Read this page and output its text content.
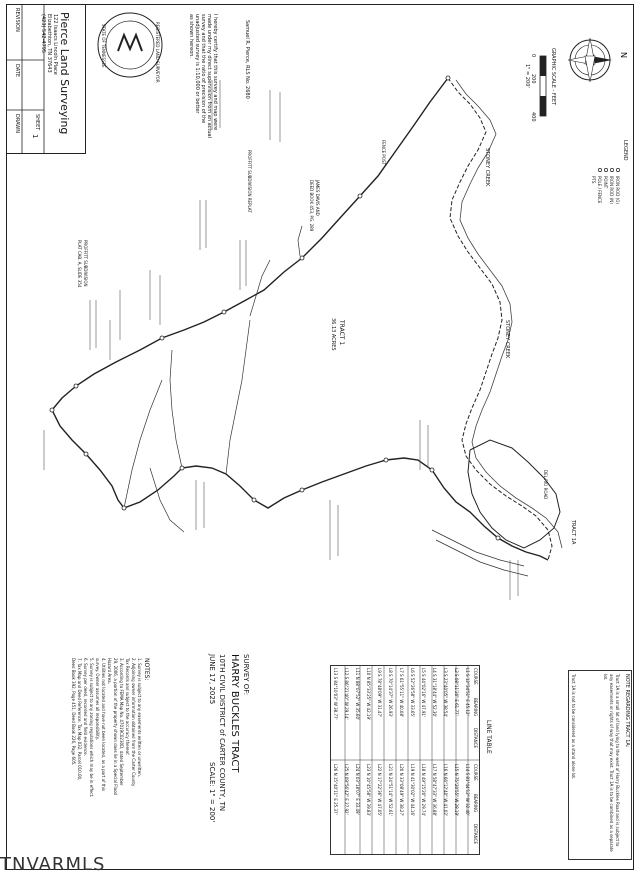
Pierce Land Surveying
122 Isaacs Lincoln Place
Elizabethton, TN 37643
(423) 542-4795
REVISION
DATE
DRAWN	SHEET
1
REGISTERED LAND SURVEYOR
STATE OF TENNESSEE	I hereby certify that this survey and map were
made under my direct supervision from an actual
survey and that the ratio of precision of the
unadjusted survey is 1:10,000 or better
as shown hereon.	Samuel R. Pierce, RLS No. 2680	N
GRAPHIC SCALE - FEET
0
200
400
1" = 200'
LEGEND
IRON ROD (O)
IRON ROD (N)
POINT
POLE / FENCE
PTS
TRACT 1
36.13 ACRES
STONEY CREEK
STONEY CREEK
PROFFITT SUBDIVISION REPLAT
PROFFITT SUBDIVISION
PLAT CAB. A, SLIDE 354
JAMES DAVIS AND
DEED BOOK 453, PG. 289
TRACT 1A
FENCE POST
DEL-RIO ROAD
SURVEY OF:
HARRY BUCKLES TRACT
10TH CIVIL DISTRICT of CARTER COUNTY, TN
JUNE 17, 2025
SCALE: 1" = 200'
NOTES:
1. Survey is subject to any easements written or unwritten.
2. Adjoining owner information obtained from the Carter County
Tax Records and subject to the accuracy thereof.
3. According to FEMA Map No. 47019C0230D, dated September
29, 2006, a portion of the property shown does lie in a Special Flood
Hazard Area.
4. Utilities not located and have not been located, as a part of this
survey. Owner assumes all responsibility.
5. Survey is subject to any zoning regulations which may be in effect.
6. Survey per deed, recorded and field evidence.
7. Tax Map and Deed Reference: Tax Map 032, Parcel 010.00,
Deed Book 392, Page 451, Deed Book 226, Page 605.	LINE TABLE	NOTE REGARDING TRACT 1A:
Tract 1A is a small lot of land lying to the west of Harry Buckles Road and is subject to any easements or rights of way that may exist. Tract 1A is to be combined as a separate lot.
Tract 1A is not to be considered as a stand alone lot.
TNVARMLS
COURSE
BEARING
DISTANCE
COURSE
BEARING
DISTANCE
L1 S 12°34'51" E 45.12'
L14 S 81°44'12" W 32.40'
L2 S 08°11'20" E 61.77'
L15 N 75°20'55" W 28.19'
L3 S 23°40'05" W 38.54'
L16 N 66°12'40" W 41.02'
L4 S 31°18'44" W 52.30'
L17 N 58°47'33" W 36.88'
L5 S 44°02'16" W 47.91'
L18 N 49°15'20" W 29.74'
L6 S 52°26'58" W 33.65'
L19 N 41°30'02" W 44.16'
L7 S 61°55'11" W 40.08'
L20 N 33°08'49" W 38.27'
L8 S 70°14'37" W 26.93'
L21 N 24°51'14" W 52.61'
L9 S 78°48'09" W 31.47'
L22 N 17°22'36" W 47.05'
L10 N 85°33'25" W 42.19'
L23 N 10°45'58" W 39.83'
L11 N 88°07'52" W 35.60'
L24 N 03°18'07" E 33.49'
L12 S 86°21'40" W 29.14'
L25 N 09°56'42" E 27.92'
L13 S 84°10'03" W 38.77'
L26 N 15°40'11" E 25.37'
